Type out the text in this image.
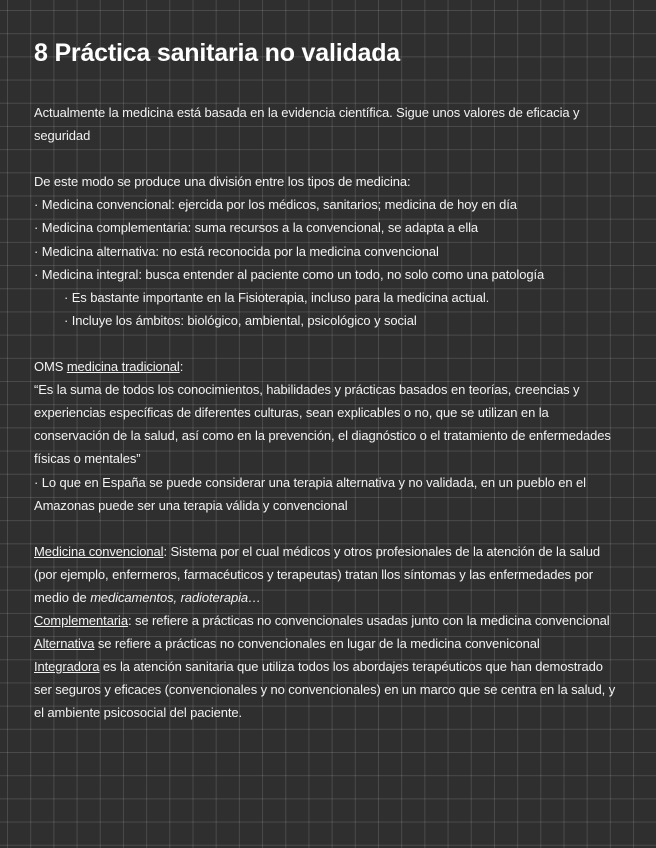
8 Práctica sanitaria no validada

Actualmente la medicina está basada en la evidencia científica. Sigue unos valores de eficacia y seguridad

De este modo se produce una división entre los tipos de medicina:

· Medicina convencional: ejercida por los médicos, sanitarios; medicina de hoy en día

· Medicina complementaria: suma recursos a la convencional, se adapta a ella

· Medicina alternativa: no está reconocida por la medicina convencional

· Medicina integral: busca entender al paciente como un todo, no solo como una patología

· Es bastante importante en la Fisioterapia, incluso para la medicina actual.

· Incluye los ámbitos: biológico, ambiental, psicológico y social

OMS medicina tradicional:

“Es la suma de todos los conocimientos, habilidades y prácticas basados en teorías, creencias y experiencias específicas de diferentes culturas, sean explicables o no, que se utilizan en la conservación de la salud, así como en la prevención, el diagnóstico o el tratamiento de enfermedades físicas o mentales”

· Lo que en España se puede considerar una terapia alternativa y no validada, en un pueblo en el Amazonas puede ser una terapia válida y convencional

Medicina convencional: Sistema por el cual médicos y otros profesionales de la atención de la salud (por ejemplo, enfermeros, farmacéuticos y terapeutas) tratan llos síntomas y las enfermedades por medio de medicamentos, radioterapia…

Complementaria: se refiere a prácticas no convencionales usadas junto con la medicina convencional

Alternativa se refiere a prácticas no convencionales en lugar de la medicina conveniconal

Integradora es la atención sanitaria que utiliza todos los abordajes terapéuticos que han demostrado ser seguros y eficaces (convencionales y no convencionales) en un marco que se centra en la salud, y el ambiente psicosocial del paciente.
